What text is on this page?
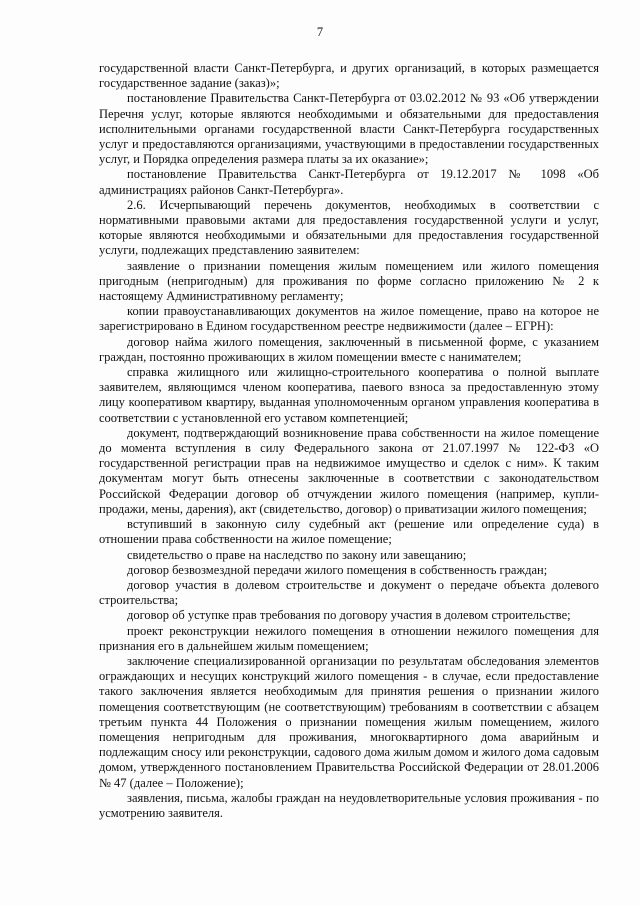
7

государственной власти Санкт-Петербурга, и других организаций, в которых размещается государственное задание (заказ)»;

постановление Правительства Санкт-Петербурга от 03.02.2012 № 93 «Об утверждении Перечня услуг, которые являются необходимыми и обязательными для предоставления исполнительными органами государственной власти Санкт-Петербурга государственных услуг и предоставляются организациями, участвующими в предоставлении государственных услуг, и Порядка определения размера платы за их оказание»;

постановление Правительства Санкт-Петербурга от 19.12.2017 № 1098 «Об администрациях районов Санкт-Петербурга».

2.6. Исчерпывающий перечень документов, необходимых в соответствии с нормативными правовыми актами для предоставления государственной услуги и услуг, которые являются необходимыми и обязательными для предоставления государственной услуги, подлежащих представлению заявителем:

заявление о признании помещения жилым помещением или жилого помещения пригодным (непригодным) для проживания по форме согласно приложению № 2 к настоящему Административному регламенту;

копии правоустанавливающих документов на жилое помещение, право на которое не зарегистрировано в Едином государственном реестре недвижимости (далее – ЕГРН):

договор найма жилого помещения, заключенный в письменной форме, с указанием граждан, постоянно проживающих в жилом помещении вместе с нанимателем;

справка жилищного или жилищно-строительного кооператива о полной выплате заявителем, являющимся членом кооператива, паевого взноса за предоставленную этому лицу кооперативом квартиру, выданная уполномоченным органом управления кооператива в соответствии с установленной его уставом компетенцией;

документ, подтверждающий возникновение права собственности на жилое помещение до момента вступления в силу Федерального закона от 21.07.1997 № 122-ФЗ «О государственной регистрации прав на недвижимое имущество и сделок с ним». К таким документам могут быть отнесены заключенные в соответствии с законодательством Российской Федерации договор об отчуждении жилого помещения (например, купли-продажи, мены, дарения), акт (свидетельство, договор) о приватизации жилого помещения;

вступивший в законную силу судебный акт (решение или определение суда) в отношении права собственности на жилое помещение;

свидетельство о праве на наследство по закону или завещанию;

договор безвозмездной передачи жилого помещения в собственность граждан;

договор участия в долевом строительстве и документ о передаче объекта долевого строительства;

договор об уступке прав требования по договору участия в долевом строительстве;

проект реконструкции нежилого помещения в отношении нежилого помещения для признания его в дальнейшем жилым помещением;

заключение специализированной организации по результатам обследования элементов ограждающих и несущих конструкций жилого помещения - в случае, если предоставление такого заключения является необходимым для принятия решения о признании жилого помещения соответствующим (не соответствующим) требованиям в соответствии с абзацем третьим пункта 44 Положения о признании помещения жилым помещением, жилого помещения непригодным для проживания, многоквартирного дома аварийным и подлежащим сносу или реконструкции, садового дома жилым домом и жилого дома садовым домом, утвержденного постановлением Правительства Российской Федерации от 28.01.2006 № 47 (далее – Положение);

заявления, письма, жалобы граждан на неудовлетворительные условия проживания - по усмотрению заявителя.
